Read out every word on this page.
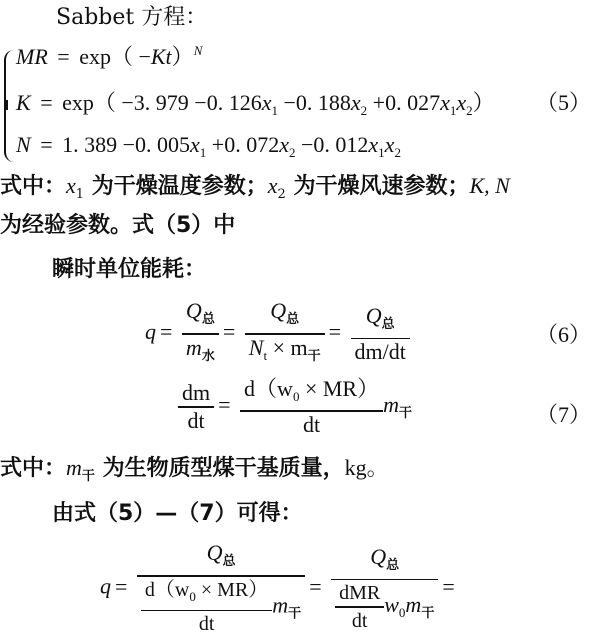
Sabbet 方程：
MR = $\exp( -Kt)^N$
K = exp（ −3. 979 −0. $126x_1 -0$. $188x_2 +0$. $027x_1x_2$） （5）
N = 1. 389 −0. $005x_1 +0$. $072x_2 -0$. $012x_1x_2$
式中：$x_1$ 为干燥温度参数；$x_2$ 为干燥风速参数；K, N
为经验参数。式（5）中
瞬时单位能耗：
$q = \frac{Q_总}{m_水} = \frac{Q_总}{N_t \times m_干} = \frac{Q_总}{dm/dt}$	（6）
$\frac{dm}{dt} = \frac{d(w_0 \times MR)}{dt} m_干$	（7）
式中：$m_干$ 为生物质型煤干基质量，kg。
由式（5）—（7）可得：
$q = \frac{Q_总}{\frac{d(w_0 \times MR)}{dt} m_干} = \frac{Q_总}{\frac{\text{dMR}}{dt} w_0m_干}$ =
